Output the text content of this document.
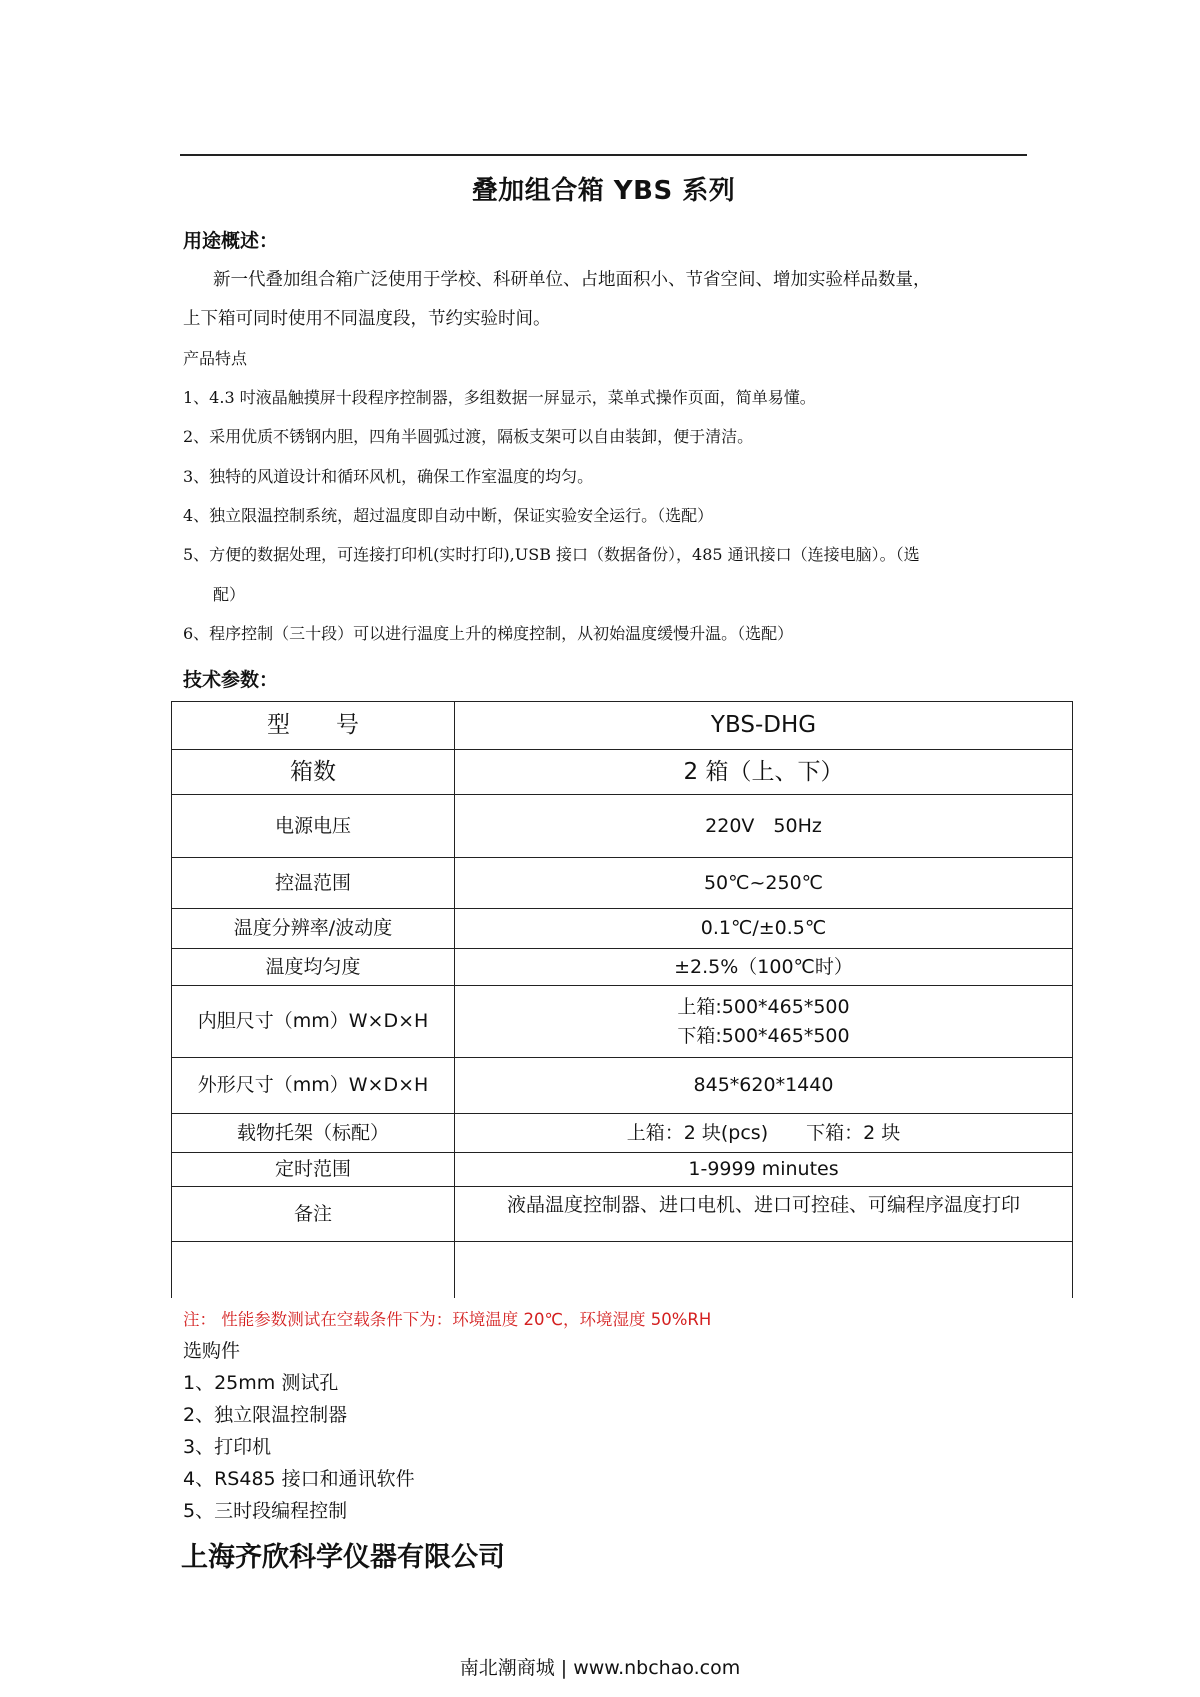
叠加组合箱 YBS 系列
用途概述：
新一代叠加组合箱广泛使用于学校、科研单位、占地面积小、节省空间、增加实验样品数量，
上下箱可同时使用不同温度段，节约实验时间。
产品特点
1、4.3 吋液晶触摸屏十段程序控制器，多组数据一屏显示，菜单式操作页面，简单易懂。
2、采用优质不锈钢内胆，四角半圆弧过渡，隔板支架可以自由装卸，便于清洁。
3、独特的风道设计和循环风机，确保工作室温度的均匀。
4、独立限温控制系统，超过温度即自动中断，保证实验安全运行。（选配）
5、方便的数据处理，可连接打印机(实时打印),USB 接口（数据备份），485 通讯接口（连接电脑）。（选
配）
6、程序控制（三十段）可以进行温度上升的梯度控制，从初始温度缓慢升温。（选配）
技术参数：
型　　号	YBS-DHG
箱数	2 箱（上、下）
电源电压	220V　50Hz
控温范围	50℃~250℃
温度分辨率/波动度	0.1℃/±0.5℃
温度均匀度	±2.5%（100℃时）
内胆尺寸（mm）W×D×H	上箱:500*465*500
下箱:500*465*500

外形尺寸（mm）W×D×H	845*620*1440
载物托架（标配）	上箱：2 块(pcs)　　下箱：2 块
定时范围	1-9999 minutes
备注	液晶温度控制器、进口电机、进口可控硅、可编程序温度打印

注： 性能参数测试在空载条件下为：环境温度 20℃，环境湿度 50%RH
选购件
1、25mm 测试孔
2、独立限温控制器
3、打印机
4、RS485 接口和通讯软件
5、三时段编程控制
上海齐欣科学仪器有限公司
南北潮商城 | www.nbchao.com
